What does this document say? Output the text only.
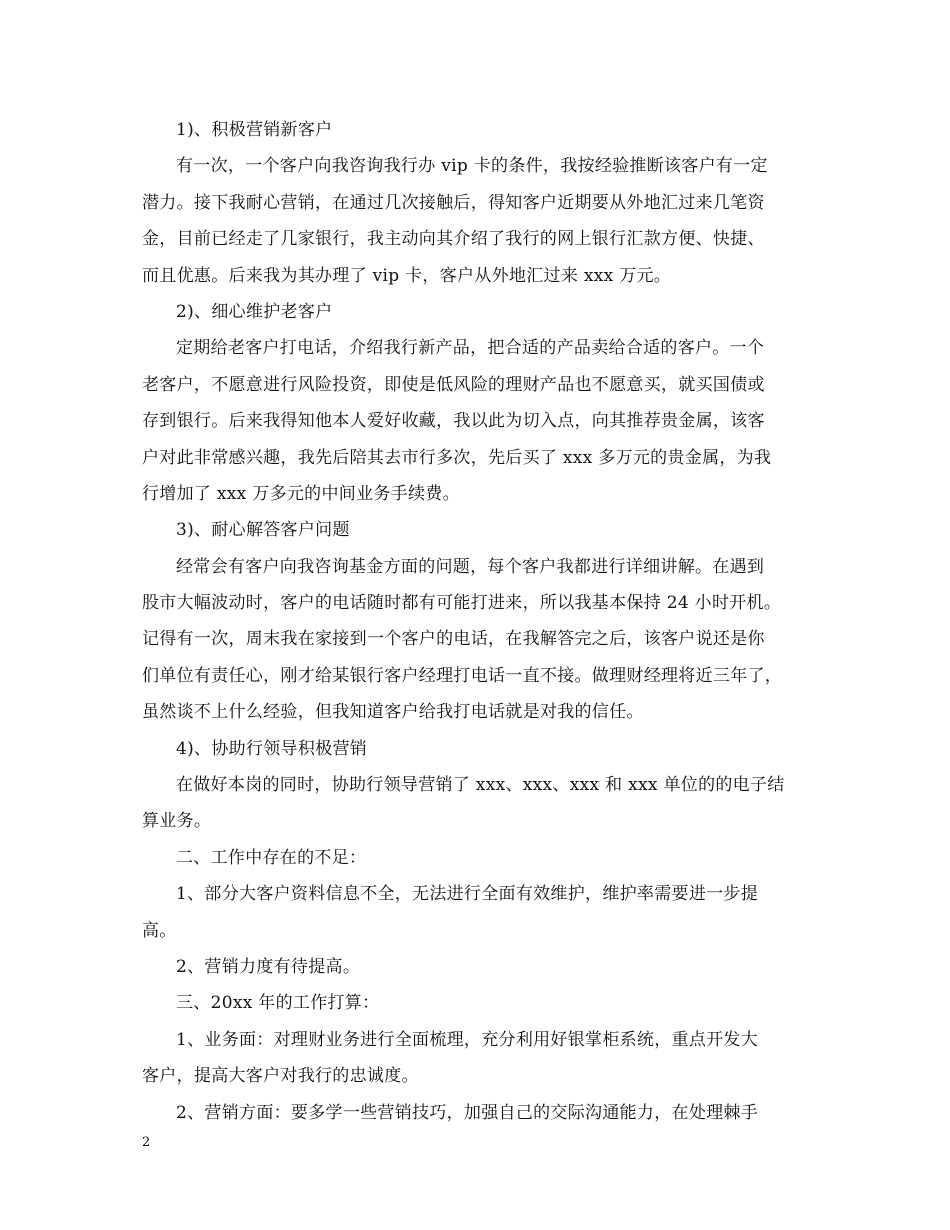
1)、积极营销新客户
有一次，一个客户向我咨询我行办 vip 卡的条件，我按经验推断该客户有一定
潜力。接下我耐心营销，在通过几次接触后，得知客户近期要从外地汇过来几笔资
金，目前已经走了几家银行，我主动向其介绍了我行的网上银行汇款方便、快捷、
而且优惠。后来我为其办理了 vip 卡，客户从外地汇过来 xxx 万元。
2)、细心维护老客户
定期给老客户打电话，介绍我行新产品，把合适的产品卖给合适的客户。一个
老客户，不愿意进行风险投资，即使是低风险的理财产品也不愿意买，就买国债或
存到银行。后来我得知他本人爱好收藏，我以此为切入点，向其推荐贵金属，该客
户对此非常感兴趣，我先后陪其去市行多次，先后买了 xxx 多万元的贵金属，为我
行增加了 xxx 万多元的中间业务手续费。
3)、耐心解答客户问题
经常会有客户向我咨询基金方面的问题，每个客户我都进行详细讲解。在遇到
股市大幅波动时，客户的电话随时都有可能打进来，所以我基本保持 24 小时开机。
记得有一次，周末我在家接到一个客户的电话，在我解答完之后，该客户说还是你
们单位有责任心，刚才给某银行客户经理打电话一直不接。做理财经理将近三年了，
虽然谈不上什么经验，但我知道客户给我打电话就是对我的信任。
4)、协助行领导积极营销
在做好本岗的同时，协助行领导营销了 xxx、xxx、xxx 和 xxx 单位的的电子结
算业务。
二、工作中存在的不足：
1、部分大客户资料信息不全，无法进行全面有效维护，维护率需要进一步提
高。
2、营销力度有待提高。
三、20xx 年的工作打算：
1、业务面：对理财业务进行全面梳理，充分利用好银掌柜系统，重点开发大
客户，提高大客户对我行的忠诚度。
2、营销方面：要多学一些营销技巧，加强自己的交际沟通能力，在处理棘手
2
